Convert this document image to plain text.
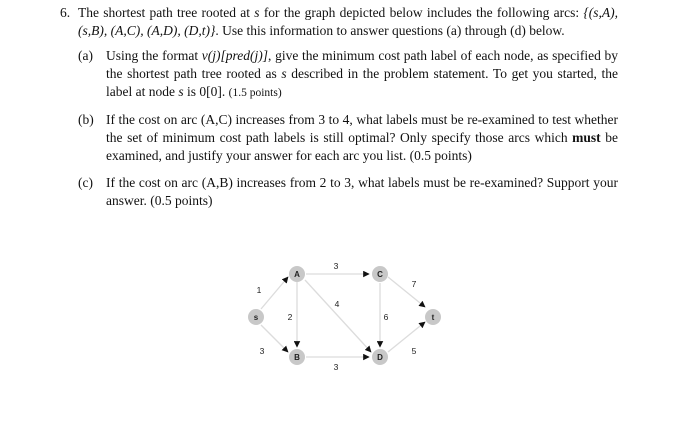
6. The shortest path tree rooted at s for the graph depicted below includes the following arcs: {(s,A), (s,B), (A,C), (A,D), (D,t)}. Use this information to answer questions (a) through (d) below.

(a) Using the format v(j)[pred(j)], give the minimum cost path label of each node, as specified by the shortest path tree rooted as s described in the problem statement. To get you started, the label at node s is 0[0]. (1.5 points)
(b) If the cost on arc (A,C) increases from 3 to 4, what labels must be re-examined to test whether the set of minimum cost path labels is still optimal? Only specify those arcs which must be examined, and justify your answer for each arc you list. (0.5 points)
(c) If the cost on arc (A,B) increases from 2 to 3, what labels must be re-examined? Support your answer. (0.5 points)
s
A
B
C
D
t
1
3
2
3
4
3
6
7
5
